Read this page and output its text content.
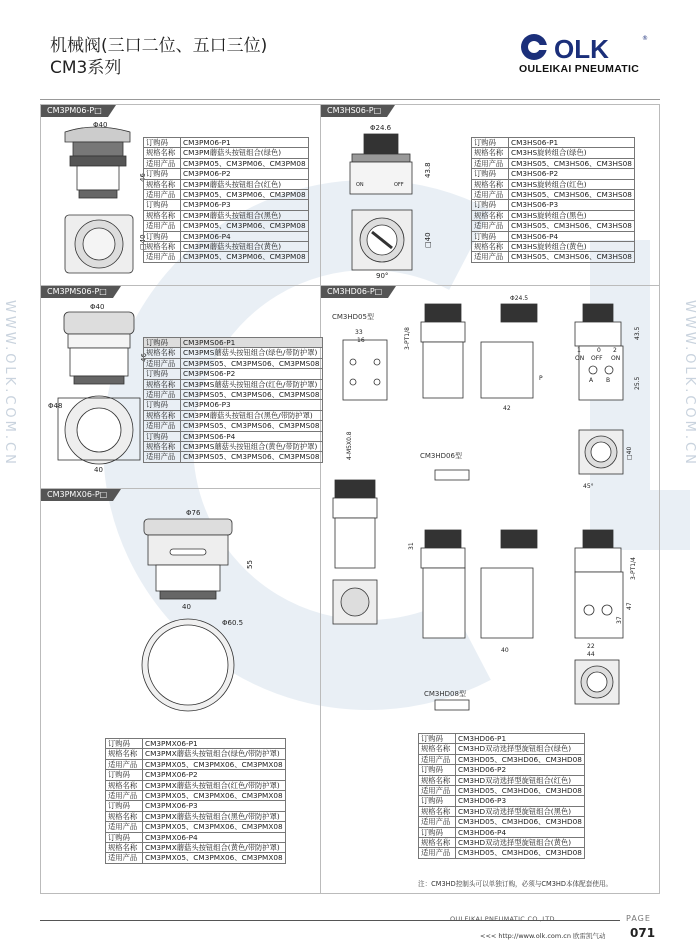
机械阀(三口二位、五口三位)
CM3系列
OLK	®
OULEIKAI PNEUMATIC
WWW.OLK.COM.CN	WWW.OLK.COM.CN
CM3PM06-P□
Φ40
46
□40
订购码	CM3PM06-P1
规格名称	CM3PM蘑菇头按钮组合(绿色)
适用产品	CM3PM05、CM3PM06、CM3PM08
订购码	CM3PM06-P2
规格名称	CM3PM蘑菇头按钮组合(红色)
适用产品	CM3PM05、CM3PM06、CM3PM08
订购码	CM3PM06-P3
规格名称	CM3PM蘑菇头按钮组合(黑色)
适用产品	CM3PM05、CM3PM06、CM3PM08
订购码	CM3PM06-P4
规格名称	CM3PM蘑菇头按钮组合(黄色)
适用产品	CM3PM05、CM3PM06、CM3PM08
CM3HS06-P□
Φ24.6
43.8
□40
90°
ON	OFF
订购码	CM3HS06-P1
规格名称	CM3HS旋转组合(绿色)
适用产品	CM3HS05、CM3HS06、CM3HS08
订购码	CM3HS06-P2
规格名称	CM3HS旋转组合(红色)
适用产品	CM3HS05、CM3HS06、CM3HS08
订购码	CM3HS06-P3
规格名称	CM3HS旋转组合(黑色)
适用产品	CM3HS05、CM3HS06、CM3HS08
订购码	CM3HS06-P4
规格名称	CM3HS旋转组合(黄色)
适用产品	CM3HS05、CM3HS06、CM3HS08
CM3PMS06-P□
Φ40
46
Φ48
40
订购码	CM3PMS06-P1
规格名称	CM3PMS蘑菇头按钮组合(绿色/带防护罩)
适用产品	CM3PMS05、CM3PMS06、CM3PMS08
订购码	CM3PMS06-P2
规格名称	CM3PMS蘑菇头按钮组合(红色/带防护罩)
适用产品	CM3PMS05、CM3PMS06、CM3PMS08
订购码	CM3PM06-P3
规格名称	CM3PM蘑菇头按钮组合(黑色/带防护罩)
适用产品	CM3PMS05、CM3PMS06、CM3PMS08
订购码	CM3PMS06-P4
规格名称	CM3PMS蘑菇头按钮组合(黄色/带防护罩)
适用产品	CM3PMS05、CM3PMS06、CM3PMS08
CM3PMX06-P□
Φ76
55
40
Φ60.5
订购码	CM3PMX06-P1
规格名称	CM3PMX蘑菇头按钮组合(绿色/带防护罩)
适用产品	CM3PMX05、CM3PMX06、CM3PMX08
订购码	CM3PMX06-P2
规格名称	CM3PMX蘑菇头按钮组合(红色/带防护罩)
适用产品	CM3PMX05、CM3PMX06、CM3PMX08
订购码	CM3PMX06-P3
规格名称	CM3PMX蘑菇头按钮组合(黑色/带防护罩)
适用产品	CM3PMX05、CM3PMX06、CM3PMX08
订购码	CM3PMX06-P4
规格名称	CM3PMX蘑菇头按钮组合(黄色/带防护罩)
适用产品	CM3PMX05、CM3PMX06、CM3PMX08
CM3HD06-P□
CM3HD05型
CM3HD06型
CM3HD08型
Φ24.5
33
16	3-PT1/8
4-M5X0.8
42
43.5
25.5
□40
45°
1	0 2
ON OFF ON
A B
P
31
40
47
37
22
44
3-PT1/4
订购码	CM3HD06-P1
规格名称	CM3HD双动选择型旋钮组合(绿色)
适用产品	CM3HD05、CM3HD06、CM3HD08
订购码	CM3HD06-P2
规格名称	CM3HD双动选择型旋钮组合(红色)
适用产品	CM3HD05、CM3HD06、CM3HD08
订购码	CM3HD06-P3
规格名称	CM3HD双动选择型旋钮组合(黑色)
适用产品	CM3HD05、CM3HD06、CM3HD08
订购码	CM3HD06-P4
规格名称	CM3HD双动选择型旋钮组合(黄色)
适用产品	CM3HD05、CM3HD06、CM3HD08
注：CM3HD控制头可以单独订购，必须与CM3HD本体配套使用。
OULEIKAI PNEUMATIC CO.,LTD.
<<< http://www.olk.com.cn 欧雷凯气动
PAGE
071
